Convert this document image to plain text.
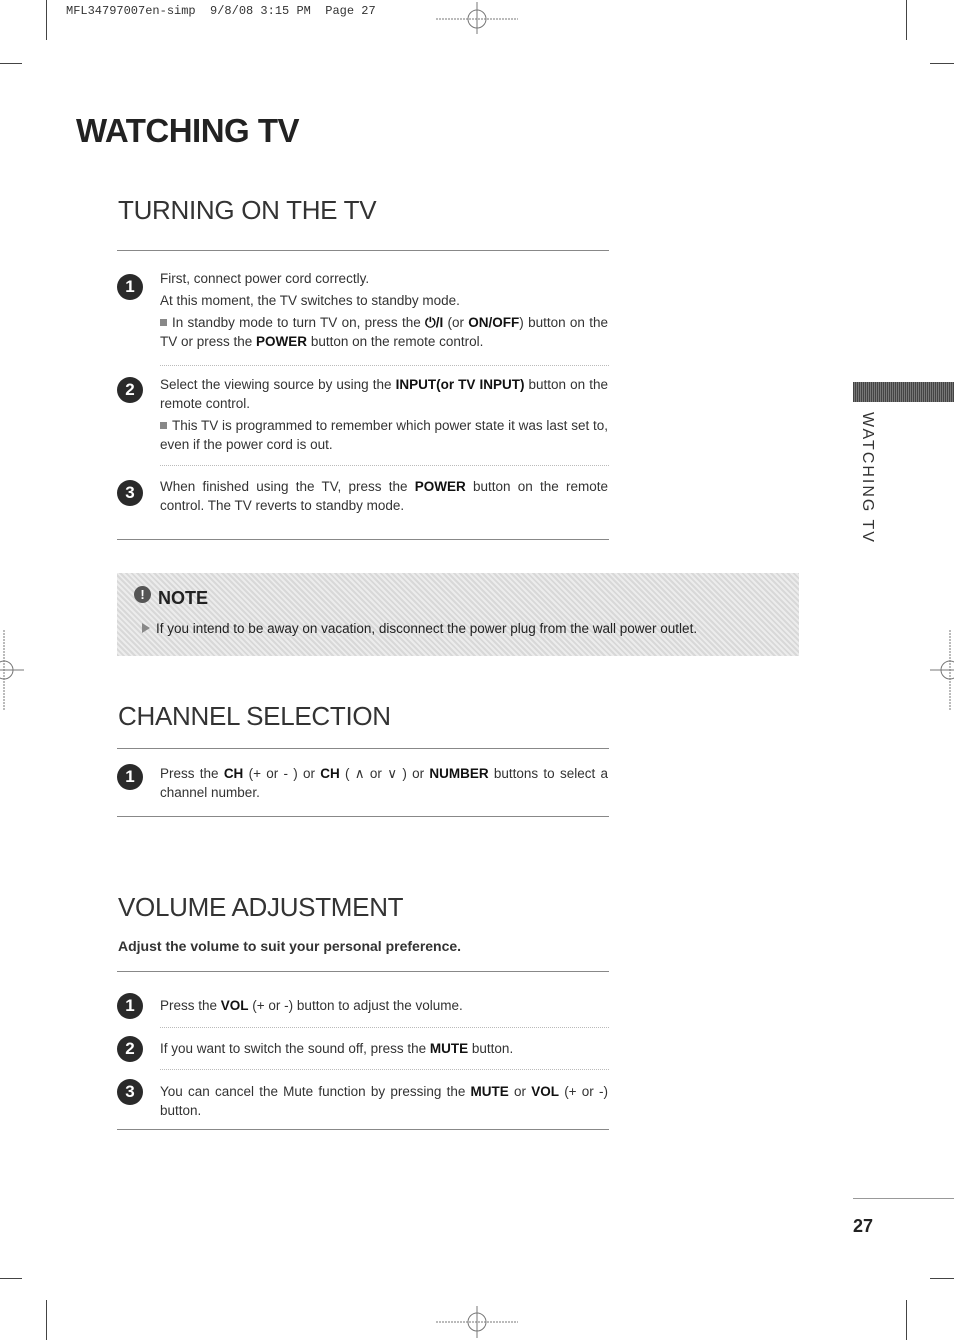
MFL34797007en-simp  9/8/08 3:15 PM  Page 27
WATCHING TV
WATCHING TV
TURNING ON THE TV
1	First, connect power cord correctly.
At this moment, the TV switches to standby mode.
In standby mode to turn TV on, press the ⏻/I (or ON/OFF) button on the TV or press the POWER button on the remote control.
2	Select the viewing source by using the INPUT(or TV INPUT) button on the remote control.
This TV is programmed to remember which power state it was last set to, even if the power cord is out.
3	When finished using the TV, press the POWER button on the remote control. The TV reverts to standby mode.
! NOTE
If you intend to be away on vacation, disconnect the power plug from the wall power outlet.
CHANNEL SELECTION
1	Press the CH (+ or - ) or CH ( ∧ or ∨ ) or NUMBER buttons to select a channel number.
VOLUME ADJUSTMENT
Adjust the volume to suit your personal preference.
1	Press the VOL (+ or -) button to adjust the volume.
2	If you want to switch the sound off, press the MUTE button.
3	You can cancel the Mute function by pressing the MUTE or VOL (+ or -) button.
27
